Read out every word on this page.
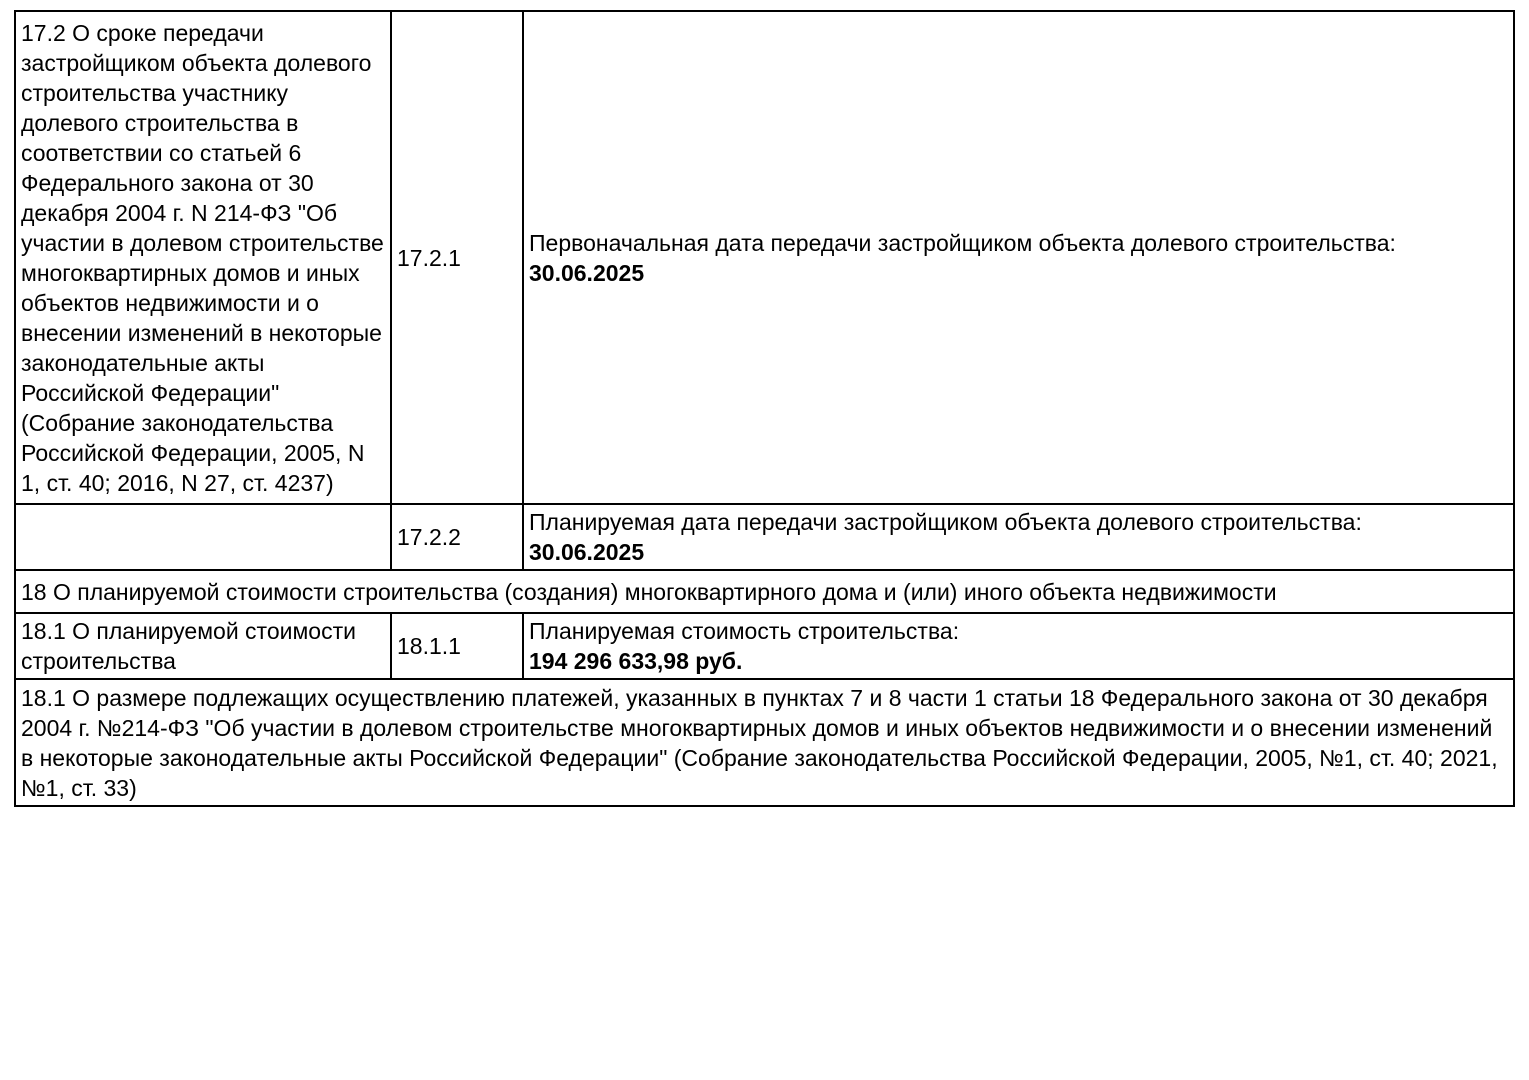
17.2 О сроке передачи застройщиком объекта долевого строительства участнику долевого строительства в соответствии со статьей 6 Федерального закона от 30 декабря 2004 г. N 214-ФЗ "Об участии в долевом строительстве многоквартирных домов и иных объектов недвижимости и о внесении изменений в некоторые законодательные акты Российской Федерации" (Собрание законодательства Российской Федерации, 2005, N 1, ст. 40; 2016, N 27, ст. 4237)	17.2.1	Первоначальная дата передачи застройщиком объекта долевого строительства:
30.06.2025

	17.2.2	Планируемая дата передачи застройщиком объекта долевого строительства:
30.06.2025

18 О планируемой стоимости строительства (создания) многоквартирного дома и (или) иного объекта недвижимости		
18.1 О планируемой стоимости строительства	18.1.1	Планируемая стоимость строительства:
194 296 633,98 руб.

18.1 О размере подлежащих осуществлению платежей, указанных в пунктах 7 и 8 части 1 статьи 18 Федерального закона от 30 декабря 2004 г. №214-ФЗ "Об участии в долевом строительстве многоквартирных домов и иных объектов недвижимости и о внесении изменений в некоторые законодательные акты Российской Федерации" (Собрание законодательства Российской Федерации, 2005, №1, ст. 40; 2021, №1, ст. 33)		
